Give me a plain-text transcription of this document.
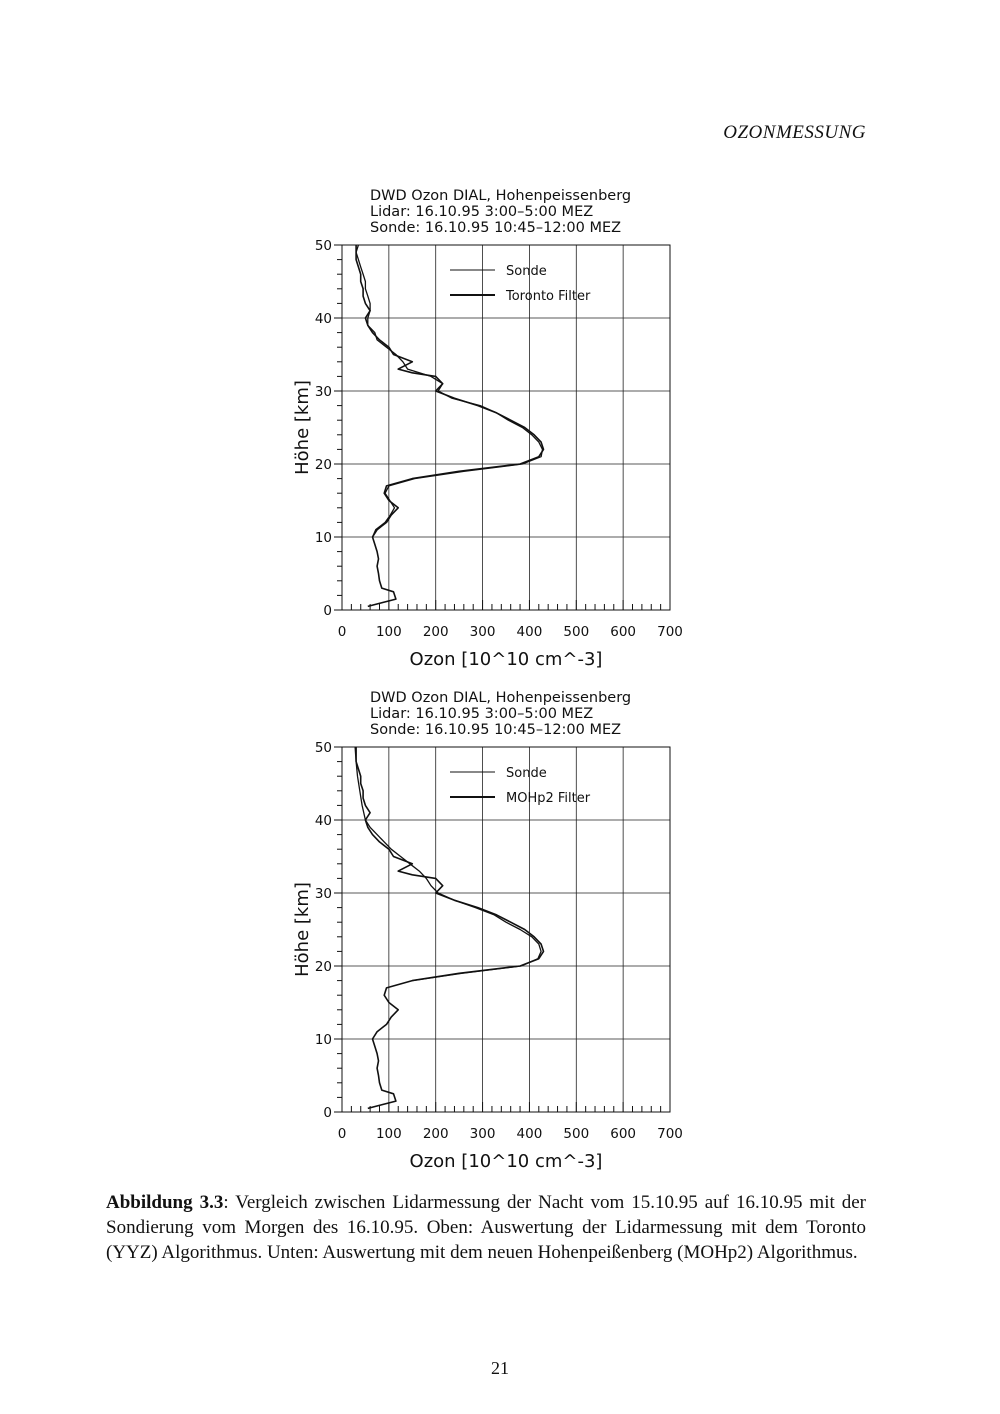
OZONMESSUNG
DWD Ozon DIAL, Hohenpeissenberg
Lidar: 16.10.95 3:00–5:00 MEZ
Sonde: 16.10.95 10:45–12:00 MEZ
0 100 200 300 400 500 600 700
0
10
20
30
40
50
Ozon [10^10 cm^-3]
Höhe [km]
Sonde
Toronto Filter
DWD Ozon DIAL, Hohenpeissenberg
Lidar: 16.10.95 3:00–5:00 MEZ
Sonde: 16.10.95 10:45–12:00 MEZ
0 100 200 300 400 500 600 700
0
10
20
30
40
50
Ozon [10^10 cm^-3]
Höhe [km]
Sonde
MOHp2 Filter
Abbildung 3.3: Vergleich zwischen Lidarmessung der Nacht vom 15.10.95 auf 16.10.95 mit der Sondierung vom Morgen des 16.10.95. Oben: Auswertung der Lidarmessung mit dem Toronto (YYZ) Algorithmus. Unten: Auswertung mit dem neuen Hohenpeißenberg (MOHp2) Algorithmus.
21
